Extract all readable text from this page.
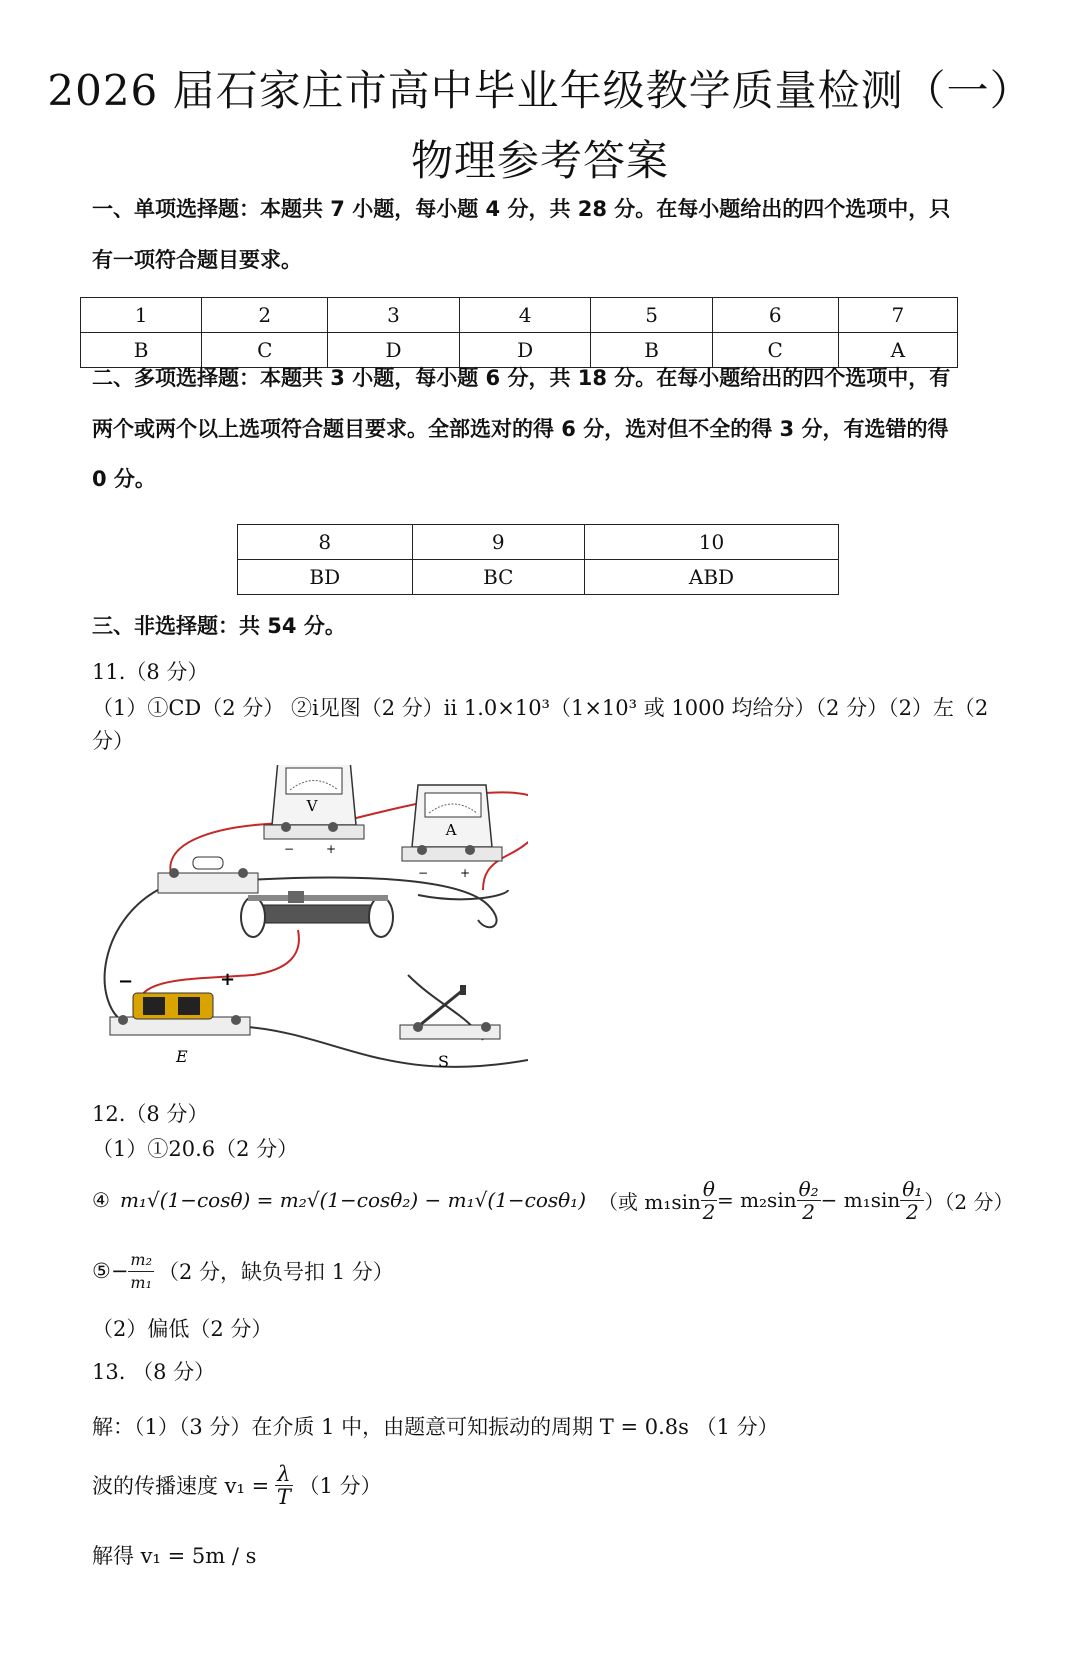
2026 届石家庄市高中毕业年级教学质量检测（一）
物理参考答案
一、单项选择题：本题共 7 小题，每小题 4 分，共 28 分。在每小题给出的四个选项中，只
有一项符合题目要求。
1	2	3	4	5	6	7
B	C	D	D	B	C	A
二、多项选择题：本题共 3 小题，每小题 6 分，共 18 分。在每小题给出的四个选项中，有
两个或两个以上选项符合题目要求。全部选对的得 6 分，选对但不全的得 3 分，有选错的得
0 分。
8	9	10
BD	BC	ABD
三、非选择题：共 54 分。
11.（8 分）
（1）①CD（2 分） ②i见图（2 分）ii 1.0×10³（1×10³ 或 1000 均给分）（2 分）（2）左（2
分）
V
−	+
A
−	+
−	+
E	S
12.（8 分）
（1）①20.6（2 分）
④ m₁√(1−cosθ) = m₂√(1−cosθ₂) − m₁√(1−cosθ₁) （或 $m_1\sin \frac{\theta}{2} = m_2\sin \frac{\text{θ₂}}{2} - m_1\sin \frac{\text{θ₁}}{2} )(2$ 分）
⑤− $\frac{\text{m₂}}{\text{m₁}} (2$ 分，缺负号扣 1 分）
（2）偏低（2 分）
13. （8 分）
解：（1）（3 分）在介质 1 中，由题意可知振动的周期 T = 0.8s （1 分）
波的传播速度 $v_1 = \frac{\lambda}{T} (1$ 分）
解得 v₁ = 5m / s
